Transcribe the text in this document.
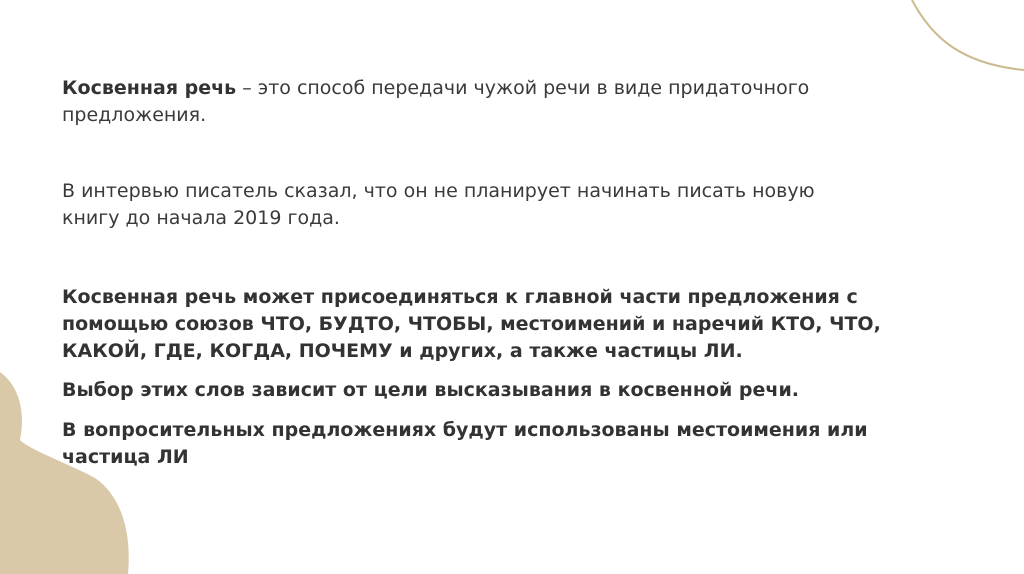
Косвенная речь – это способ передачи чужой речи в виде придаточного
предложения.

В интервью писатель сказал, что он не планирует начинать писать новую
книгу до начала 2019 года.

Косвенная речь может присоединяться к главной части предложения с
помощью союзов ЧТО, БУДТО, ЧТОБЫ, местоимений и наречий КТО, ЧТО,
КАКОЙ, ГДЕ, КОГДА, ПОЧЕМУ и других, а также частицы ЛИ.

Выбор этих слов зависит от цели высказывания в косвенной речи.

В вопросительных предложениях будут использованы местоимения или
частица ЛИ
